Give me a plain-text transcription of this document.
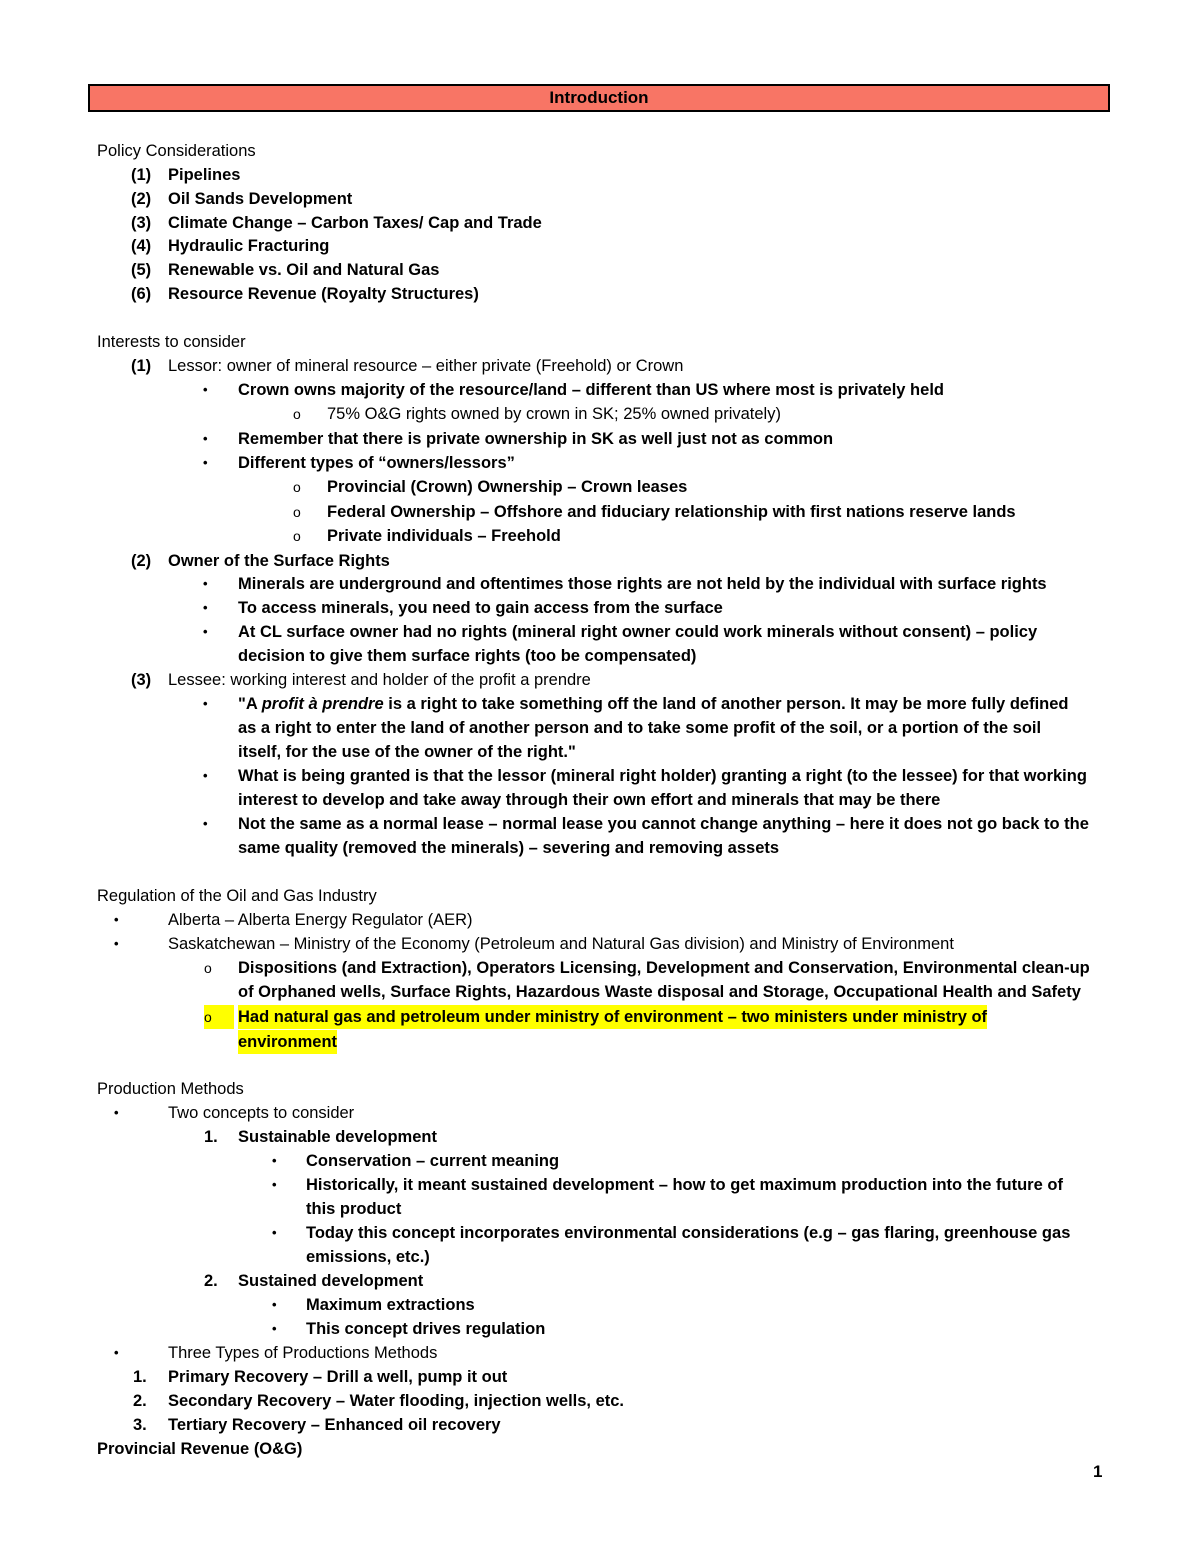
Introduction
Policy Considerations
(1) Pipelines
(2) Oil Sands Development
(3) Climate Change – Carbon Taxes/ Cap and Trade
(4) Hydraulic Fracturing
(5) Renewable vs. Oil and Natural Gas
(6) Resource Revenue (Royalty Structures)
Interests to consider
(1) Lessor: owner of mineral resource – either private (Freehold) or Crown
• Crown owns majority of the resource/land – different than US where most is privately held
o 75% O&G rights owned by crown in SK; 25% owned privately)
• Remember that there is private ownership in SK as well just not as common
• Different types of “owners/lessors”
o Provincial (Crown) Ownership – Crown leases
o Federal Ownership – Offshore and fiduciary relationship with first nations reserve lands
o Private individuals – Freehold
(2) Owner of the Surface Rights
• Minerals are underground and oftentimes those rights are not held by the individual with surface rights
• To access minerals, you need to gain access from the surface
• At CL surface owner had no rights (mineral right owner could work minerals without consent) – policy
decision to give them surface rights (too be compensated)
(3) Lessee: working interest and holder of the profit a prendre
• "A profit à prendre is a right to take something off the land of another person. It may be more fully defined
as a right to enter the land of another person and to take some profit of the soil, or a portion of the soil
itself, for the use of the owner of the right."
• What is being granted is that the lessor (mineral right holder) granting a right (to the lessee) for that working
interest to develop and take away through their own effort and minerals that may be there
• Not the same as a normal lease – normal lease you cannot change anything – here it does not go back to the
same quality (removed the minerals) – severing and removing assets
Regulation of the Oil and Gas Industry
•	Alberta – Alberta Energy Regulator (AER)
•	Saskatchewan – Ministry of the Economy (Petroleum and Natural Gas division) and Ministry of Environment
o Dispositions (and Extraction), Operators Licensing, Development and Conservation, Environmental clean-up
of Orphaned wells, Surface Rights, Hazardous Waste disposal and Storage, Occupational Health and Safety
o	Had natural gas and petroleum under ministry of environment – two ministers under ministry of
environment
Production Methods
•	Two concepts to consider
1. Sustainable development
• Conservation – current meaning
• Historically, it meant sustained development – how to get maximum production into the future of
this product
• Today this concept incorporates environmental considerations (e.g – gas flaring, greenhouse gas
emissions, etc.)
2. Sustained development
• Maximum extractions
• This concept drives regulation
•	Three Types of Productions Methods
1. Primary Recovery – Drill a well, pump it out
2. Secondary Recovery – Water flooding, injection wells, etc.
3. Tertiary Recovery – Enhanced oil recovery
Provincial Revenue (O&G)
1
